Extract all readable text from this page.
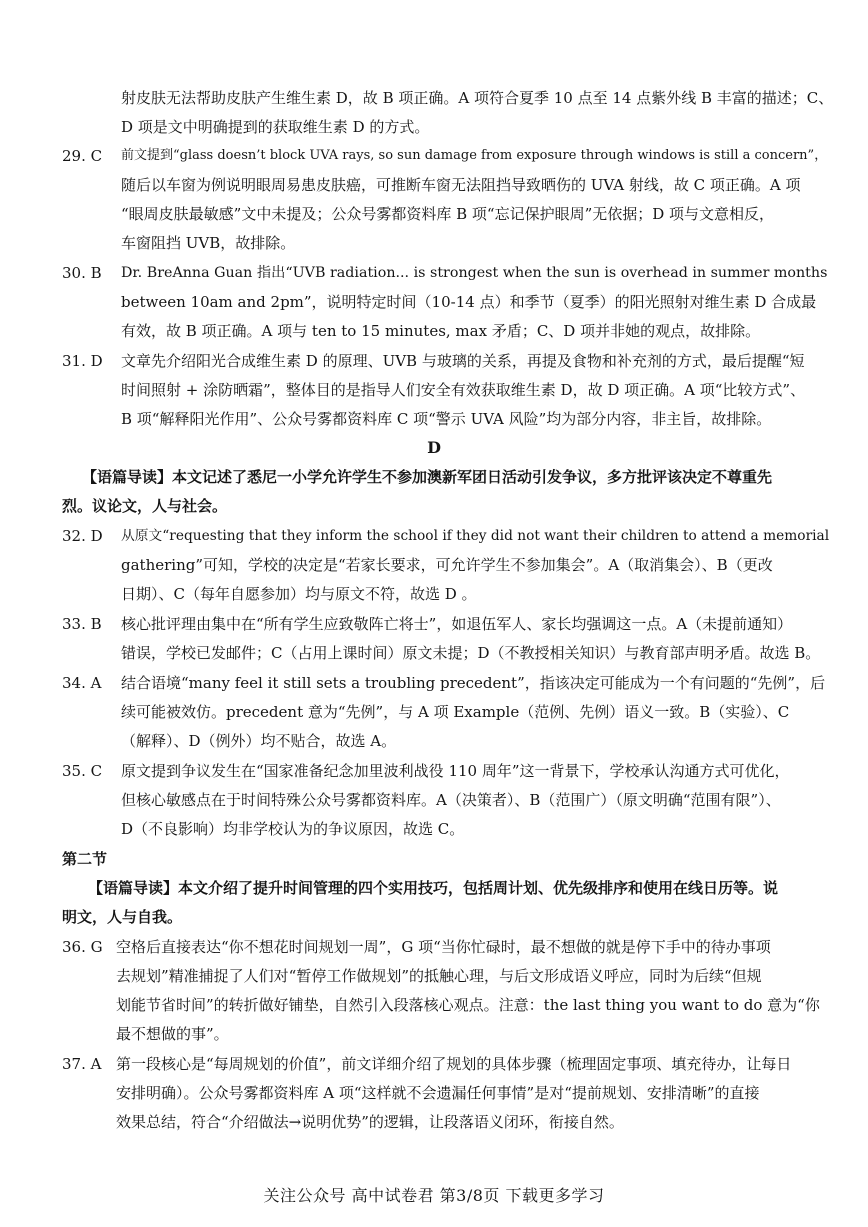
射皮肤无法帮助皮肤产生维生素 D，故 B 项正确。A 项符合夏季 10 点至 14 点紫外线 B 丰富的描述；C、
D 项是文中明确提到的获取维生素 D 的方式。
29. C 前文提到“glass doesn’t block UVA rays, so sun damage from exposure through windows is still a concern”，
随后以车窗为例说明眼周易患皮肤癌，可推断车窗无法阻挡导致晒伤的 UVA 射线，故 C 项正确。A 项
“眼周皮肤最敏感”文中未提及；公众号雾都资料库 B 项“忘记保护眼周”无依据；D 项与文意相反，
车窗阻挡 UVB，故排除。
30. B Dr. BreAnna Guan 指出“UVB radiation... is strongest when the sun is overhead in summer months
between 10am and 2pm”，说明特定时间（10-14 点）和季节（夏季）的阳光照射对维生素 D 合成最
有效，故 B 项正确。A 项与 ten to 15 minutes, max 矛盾；C、D 项并非她的观点，故排除。
31. D 文章先介绍阳光合成维生素 D 的原理、UVB 与玻璃的关系，再提及食物和补充剂的方式，最后提醒“短
时间照射 + 涂防晒霜”，整体目的是指导人们安全有效获取维生素 D，故 D 项正确。A 项“比较方式”、
B 项“解释阳光作用”、公众号雾都资料库 C 项“警示 UVA 风险”均为部分内容，非主旨，故排除。
D
【语篇导读】本文记述了悉尼一小学允许学生不参加澳新军团日活动引发争议，多方批评该决定不尊重先
烈。议论文，人与社会。
32. D 从原文“requesting that they inform the school if they did not want their children to attend a memorial
gathering”可知，学校的决定是“若家长要求，可允许学生不参加集会”。A（取消集会）、B（更改
日期）、C（每年自愿参加）均与原文不符，故选 D 。
33. B 核心批评理由集中在“所有学生应致敬阵亡将士”，如退伍军人、家长均强调这一点。A（未提前通知）
错误，学校已发邮件；C（占用上课时间）原文未提；D（不教授相关知识）与教育部声明矛盾。故选 B。
34. A 结合语境“many feel it still sets a troubling precedent”，指该决定可能成为一个有问题的“先例”，后
续可能被效仿。precedent 意为“先例”，与 A 项 Example（范例、先例）语义一致。B（实验）、C
（解释）、D（例外）均不贴合，故选 A。
35. C 原文提到争议发生在“国家准备纪念加里波利战役 110 周年”这一背景下，学校承认沟通方式可优化，
但核心敏感点在于时间特殊公众号雾都资料库。A（决策者）、B（范围广）（原文明确“范围有限”）、
D（不良影响）均非学校认为的争议原因，故选 C。
第二节
【语篇导读】本文介绍了提升时间管理的四个实用技巧，包括周计划、优先级排序和使用在线日历等。说
明文，人与自我。
36. G 空格后直接表达“你不想花时间规划一周”，G 项“当你忙碌时，最不想做的就是停下手中的待办事项
去规划”精准捕捉了人们对“暂停工作做规划”的抵触心理，与后文形成语义呼应，同时为后续“但规
划能节省时间”的转折做好铺垫，自然引入段落核心观点。注意：the last thing you want to do 意为“你
最不想做的事”。
37. A 第一段核心是“每周规划的价值”，前文详细介绍了规划的具体步骤（梳理固定事项、填充待办，让每日
安排明确）。公众号雾都资料库 A 项“这样就不会遗漏任何事情”是对“提前规划、安排清晰”的直接
效果总结，符合“介绍做法→说明优势”的逻辑，让段落语义闭环，衔接自然。
关注公众号 高中试卷君 第3/8页 下载更多学习
